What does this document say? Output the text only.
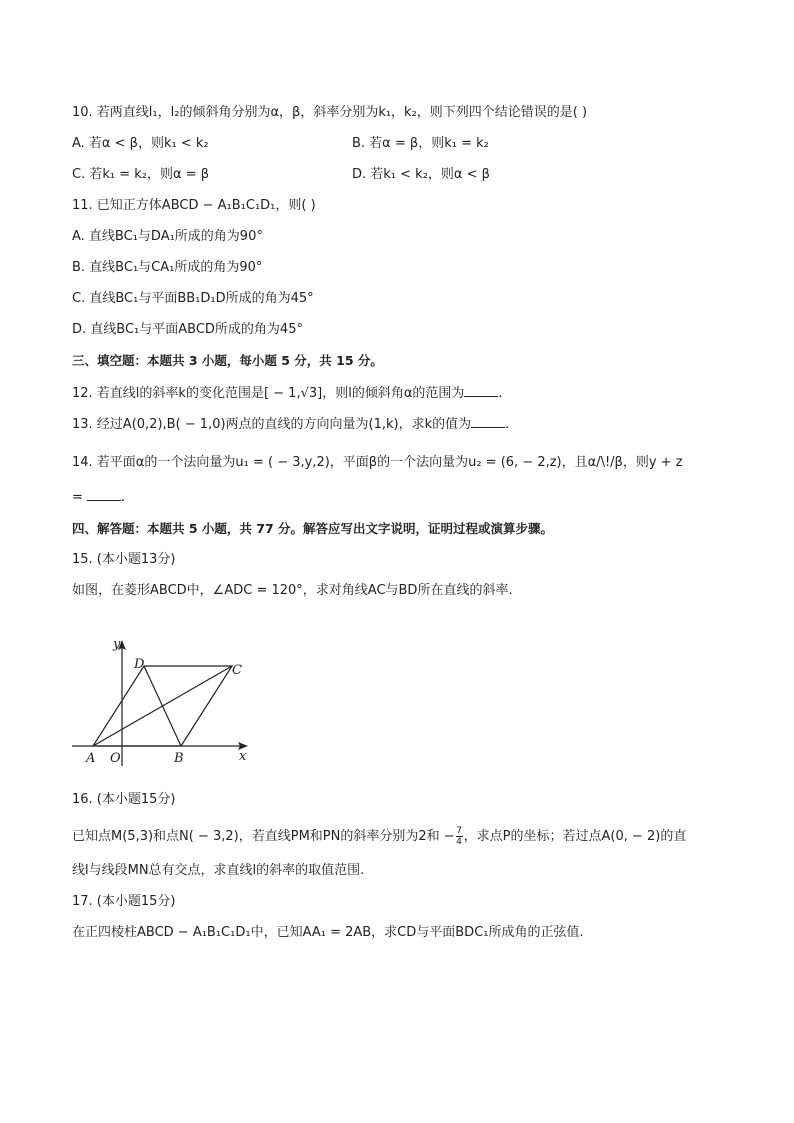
10. 若两直线l₁，l₂的倾斜角分别为α，β，斜率分别为k₁，k₂，则下列四个结论错误的是( )
A. 若α < β，则k₁ < k₂	B. 若α = β，则k₁ = k₂
C. 若k₁ = k₂，则α = β	D. 若k₁ < k₂，则α < β
11. 已知正方体ABCD − A₁B₁C₁D₁，则( )
A. 直线BC₁与DA₁所成的角为90°
B. 直线BC₁与CA₁所成的角为90°
C. 直线BC₁与平面BB₁D₁D所成的角为45°
D. 直线BC₁与平面ABCD所成的角为45°
三、填空题：本题共 3 小题，每小题 5 分，共 15 分。
12. 若直线l的斜率k的变化范围是[ − 1,√3]，则l的倾斜角α的范围为	.
13. 经过A(0,2),B( − 1,0)两点的直线的方向向量为(1,k)，求k的值为	.
14. 若平面α的一个法向量为u₁ = ( − 3,y,2)，平面β的一个法向量为u₂ = (6, − 2,z)，且α/\!/β，则y + z
=	.
四、解答题：本题共 5 小题，共 77 分。解答应写出文字说明，证明过程或演算步骤。
15. (本小题13分)
如图，在菱形ABCD中，∠ADC = 120°，求对角线AC与BD所在直线的斜率.
y
x
A O	B
C
D
16. (本小题15分)
已知点M(5,3)和点N( − 3,2)，若直线PM和PN的斜率分别为2和 − $\frac{7}{4}$ ，求点P的坐标；若过点A(0, − 2)的直
线l与线段MN总有交点，求直线l的斜率的取值范围.
17. (本小题15分)
在正四棱柱ABCD − A₁B₁C₁D₁中，已知AA₁ = 2AB，求CD与平面BDC₁所成角的正弦值.
